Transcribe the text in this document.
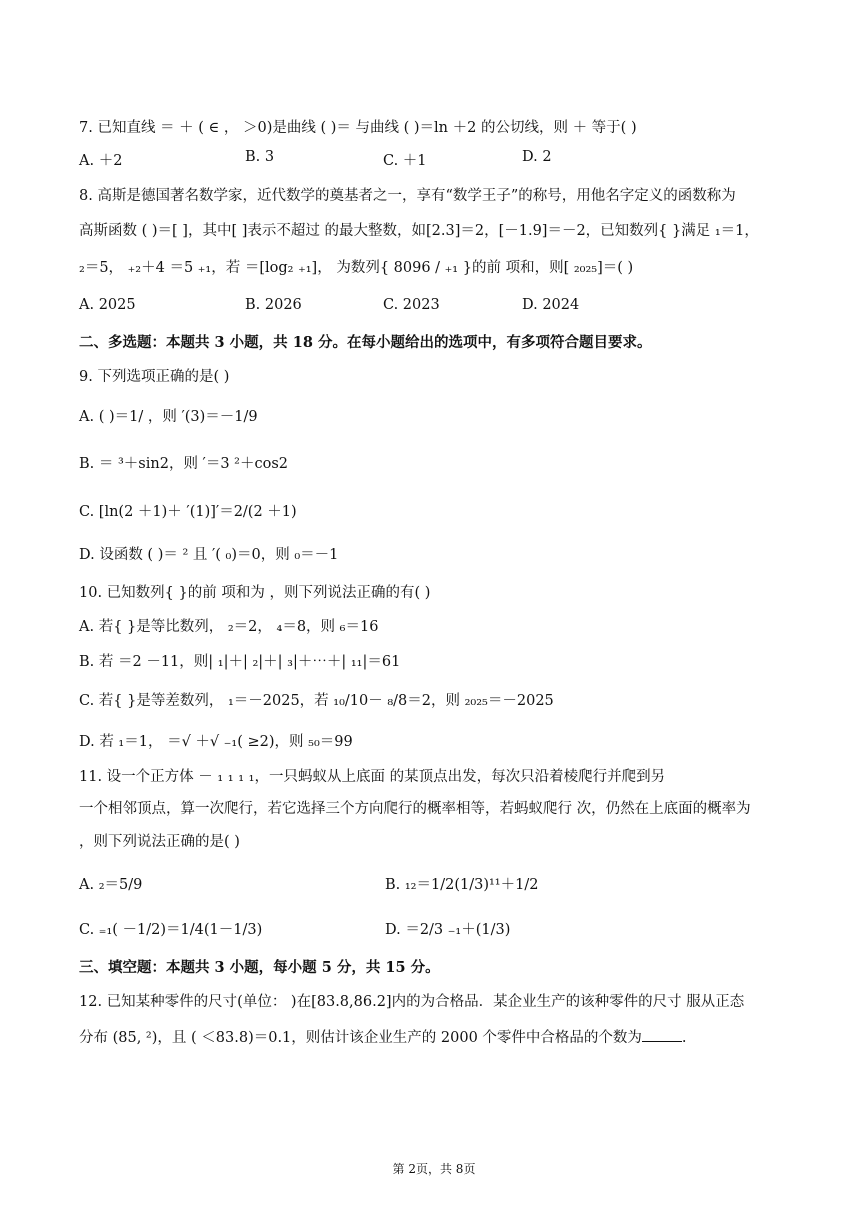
7. 已知直线 ＝ ＋ ( ∈ ， ＞0)是曲线 ( )＝ 与曲线 ( )＝ln ＋2 的公切线，则 ＋ 等于( )
A. ＋2	B. 3	C. ＋1	D. 2
8. 高斯是德国著名数学家，近代数学的奠基者之一，享有“数学王子”的称号，用他名字定义的函数称为
高斯函数 ( )＝[ ]，其中[ ]表示不超过 的最大整数，如[2.3]＝2，[－1.9]＝－2，已知数列{ }满足 ₁＝1，
₂＝5， ₊₂＋4 ＝5 ₊₁，若 ＝[log₂ ₊₁]， 为数列{ 8096 / ₊₁ }的前 项和，则[ ₂₀₂₅]＝( )
A. 2025	B. 2026	C. 2023	D. 2024
二、多选题：本题共 3 小题，共 18 分。在每小题给出的选项中，有多项符合题目要求。
9. 下列选项正确的是( )
A. ( )＝1/ ，则 ′(3)＝－1/9
B. ＝ ³＋sin2，则 ′＝3 ²＋cos2
C. [ln(2 ＋1)＋ ′(1)]′＝2/(2 ＋1)
D. 设函数 ( )＝ ² 且 ′( ₀)＝0，则 ₀＝－1
10. 已知数列{ }的前 项和为 ，则下列说法正确的有( )
A. 若{ }是等比数列， ₂＝2， ₄＝8，则 ₆＝16
B. 若 ＝2 －11，则| ₁|＋| ₂|＋| ₃|＋⋯＋| ₁₁|＝61
C. 若{ }是等差数列， ₁＝－2025，若 ₁₀/10－ ₈/8＝2，则 ₂₀₂₅＝－2025
D. 若 ₁＝1， ＝√ ＋√ ₋₁( ≥2)，则 ₅₀＝99
11. 设一个正方体 － ₁ ₁ ₁ ₁，一只蚂蚁从上底面 的某顶点出发，每次只沿着棱爬行并爬到另
一个相邻顶点，算一次爬行，若它选择三个方向爬行的概率相等，若蚂蚁爬行 次，仍然在上底面的概率为
，则下列说法正确的是( )
A. ₂＝5/9	B. ₁₂＝1/2(1/3)¹¹＋1/2
C. ₌₁( －1/2)＝1/4(1－1/3)	D. ＝2/3 ₋₁＋(1/3)
三、填空题：本题共 3 小题，每小题 5 分，共 15 分。
12. 已知某种零件的尺寸(单位： )在[83.8,86.2]内的为合格品．某企业生产的该种零件的尺寸 服从正态
分布 (85, ²)，且 ( ＜83.8)＝0.1，则估计该企业生产的 2000 个零件中合格品的个数为	.
第 2页，共 8页
